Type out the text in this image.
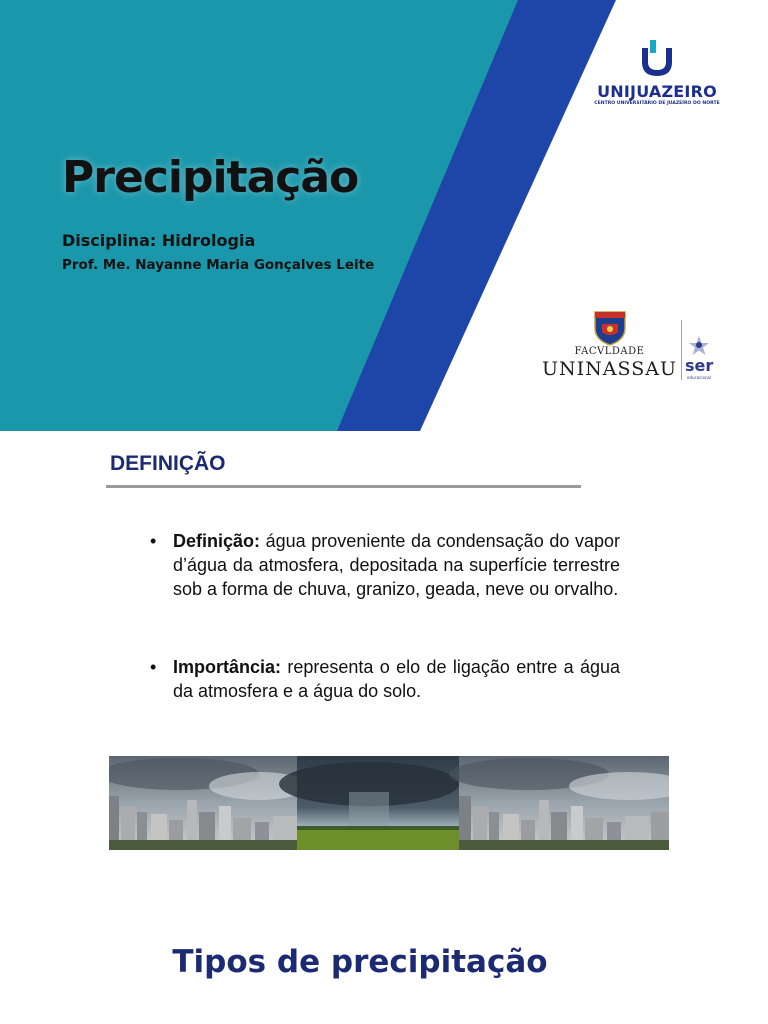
Precipitação
Disciplina: Hidrologia
Prof. Me. Nayanne Maria Gonçalves Leite
UNIJUAZEIRO
CENTRO UNIVERSITÁRIO DE JUAZEIRO DO NORTE
FACVLDADE
UNINASSAU ser
educacional
DEFINIÇÃO
• Definição: água proveniente da condensação do vapor d’água da atmosfera, depositada na superfície terrestre sob a forma de chuva, granizo, geada, neve ou orvalho.
• Importância: representa o elo de ligação entre a água da atmosfera e a água do solo.
Tipos de precipitação
